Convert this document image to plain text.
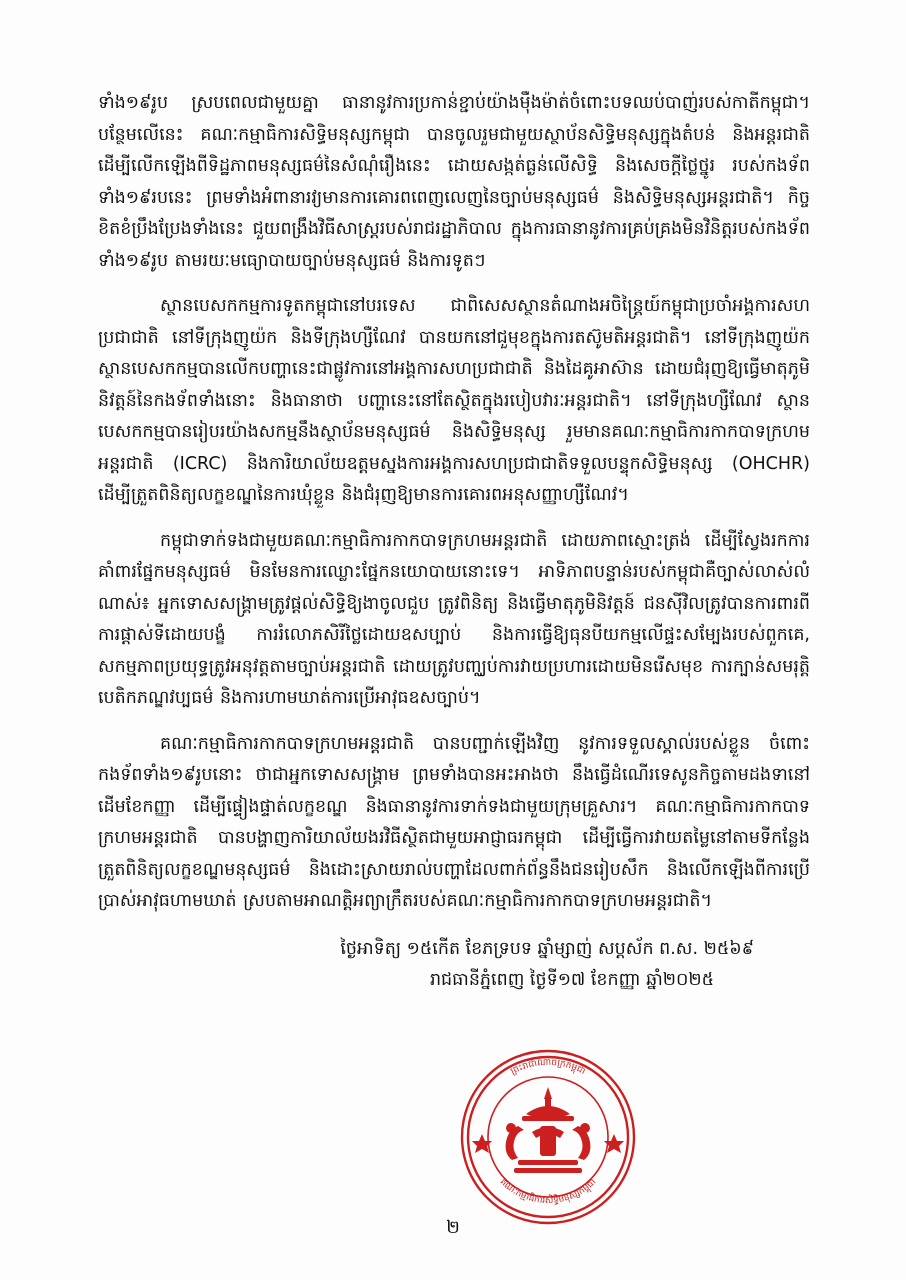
ទាំង១៩រូប ស្របពេលជាមួយគ្នា ធានានូវការប្រកាន់ខ្ជាប់យ៉ាងម៉ឺងម៉ាត់ចំពោះបទឈប់បាញ់របស់កាតីកម្ពុជា។ បន្ថែមលើនេះ គណៈកម្មាធិការសិទ្ធិមនុស្សកម្ពុជា បានចូលរួមជាមួយស្ថាប័នសិទ្ធិមនុស្សក្នុងតំបន់ និងអន្តរជាតិ ដើម្បីលើកឡើងពីទិដ្ឋភាពមនុស្សធម៌នៃសំណុំរឿងនេះ ដោយសង្កត់ធ្ងន់លើសិទ្ធិ និងសេចក្តីថ្លៃថ្នូរ របស់កងទ័ពទាំង១៩របនេះ ព្រមទាំងអំពានារវ្យមានការគោរពពេញលេញនៃច្បាប់មនុស្សធម៌ និងសិទ្ធិមនុស្សអន្តរជាតិ។ កិច្ចខិតខំប្រឹងប្រែងទាំងនេះ ជួយពង្រឹងវិធីសាស្ត្ររបស់រាជរដ្ឋាភិបាល ក្នុងការធានានូវការគ្រប់គ្រងមិនវិនិត្តរបស់កងទ័ពទាំង១៩រូប តាមរយៈមធ្យោបាយច្បាប់មនុស្សធម៌ និងការទូតៗ

ស្ថានបេសកកម្មការទូតកម្ពុជានៅបរទេស ជាពិសេសស្ថានតំណាងអចិន្ត្រៃយ៍កម្ពុជាប្រចាំអង្គការសហប្រជាជាតិ នៅទីក្រុងញូយ៉ក និងទីក្រុងហ្សឺណែវ បានយកនៅជួមុខក្នុងការតស៊ូមតិអន្តរជាតិ។ នៅទីក្រុងញូយ៉ក ស្ថានបេសកកម្មបានលើកបញ្ហានេះជាផ្លូវការនៅអង្គការសហប្រជាជាតិ និងដៃគូអាស៊ាន ដោយជំរុញឱ្យធ្វើមាតុភូមិនិវត្តន៍នៃកងទ័ពទាំងនោះ និងធានាថា បញ្ហានេះនៅតែស្ថិតក្នុងរបៀបវារៈអន្តរជាតិ។ នៅទីក្រុងហ្សឺណែវ ស្ថានបេសកកម្មបានរៀបរយ៉ាងសកម្មនឹងស្ថាប័នមនុស្សធម៌ និងសិទ្ធិមនុស្ស រួមមានគណៈកម្មាធិការកាកបាទក្រហមអន្តរជាតិ (ICRC) និងការិយាល័យឧត្តមស្នងការអង្គការសហប្រជាជាតិទទួលបន្ទុកសិទ្ធិមនុស្ស (OHCHR) ដើម្បីត្រួតពិនិត្យលក្ខខណ្ឌនៃការឃុំខ្លួន និងជំរុញឱ្យមានការគោរពអនុសញ្ញាហ្សឺណែវ។

កម្ពុជាទាក់ទងជាមួយគណៈកម្មាធិការកាកបាទក្រហមអន្តរជាតិ ដោយភាពស្មោះត្រង់ ដើម្បីស្វែងរកការគាំពារផ្នែកមនុស្សធម៌ មិនមែនការឈ្លោះផ្នែកនយោបាយនោះទេ។ អាទិភាពបន្ទាន់របស់កម្ពុជាគឺច្បាស់លាស់លំណាស់៖ អ្នកទោសសង្រ្គាមត្រូវផ្តល់សិទ្ធិឱ្យងាចូលជួប ត្រូវពិនិត្យ និងធ្វើមាតុភូមិនិវត្តន៍ ជនស៊ីវិលត្រូវបានការពារពីការផ្តាស់ទីដោយបង្ខំ ការរំលោភសិរីថ្លៃដោយឧសប្បាប់ និងការធ្វើឱ្យធុនបីយកម្មលើផ្ទះសម្បែងរបស់ពួកគេ, សកម្មភាពប្រយុទ្ធត្រូវអនុវត្តតាមច្បាប់អន្តរជាតិ ដោយត្រូវបញ្ឈប់ការវាយប្រហារដោយមិនរើសមុខ ការក្បាន់សមរុត្តិបេតិកភណ្ឌវប្បធម៌ និងការហាមឃាត់ការប្រើអាវុធឧសច្បាប់។

គណៈកម្មាធិការកាកបាទក្រហមអន្តរជាតិ បានបញ្ជាក់ឡើងវិញ នូវការទទួលស្គាល់របស់ខ្លួន ចំពោះកងទ័ពទាំង១៩រូបនោះ ថាជាអ្នកទោសសង្រ្គាម ព្រមទាំងបានអះអាងថា នឹងធ្វើដំណើរទេសូនកិច្ចតាមដងទានៅដើមខែកញ្ញា ដើម្បីផ្ទៀងផ្ទាត់លក្ខខណ្ឌ និងធានានូវការទាក់ទងជាមួយក្រុមគ្រួសារ។ គណៈកម្មាធិការកាកបាទក្រហមអន្តរជាតិ បានបង្ហាញការិយាល័យងរវិធីស្ថិតជាមួយអាជ្ញាធរកម្ពុជា ដើម្បីធ្វើការវាយតម្លៃនៅតាមទីកន្លែង ត្រួតពិនិត្យលក្ខខណ្ឌមនុស្សធម៌ និងដោះស្រាយរាល់បញ្ហាដែលពាក់ព័ន្ធនឹងជនរៀបសឹក និងលើកឡើងពីការប្រើប្រាស់អាវុធហាមឃាត់ ស្របតាមអាណត្តិអព្យាក្រឹតរបស់គណៈកម្មាធិការកាកបាទក្រហមអន្តរជាតិ។

ថ្ងៃអាទិត្យ ១៥កើត ខែភទ្របទ ឆ្នាំម្សាញ់ សប្តស័ក ព.ស. ២៥៦៩
រាជធានីភ្នំពេញ ថ្ងៃទី១៧ ខែកញ្ញា ឆ្នាំ២០២៥
ព្រះរាជាណាចក្រកម្ពុជា
គណៈកម្មាធិការសិទ្ធិមនុស្សកម្ពុជា
២
